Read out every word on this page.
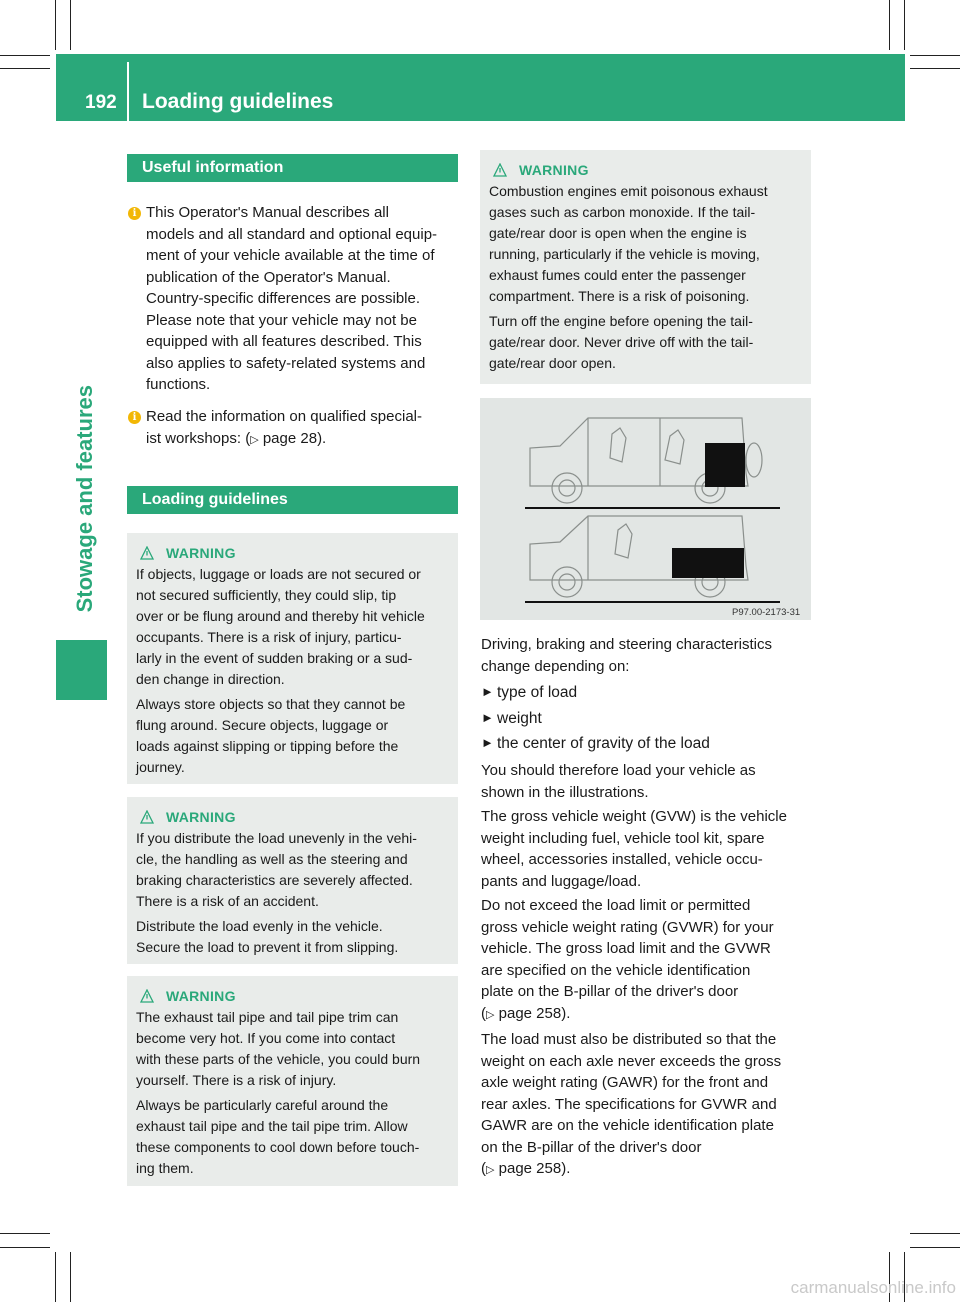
192 Loading guidelines
Stowage and features
Useful information
i This Operator's Manual describes all
models and all standard and optional equip-
ment of your vehicle available at the time of
publication of the Operator's Manual.
Country-specific differences are possible.
Please note that your vehicle may not be
equipped with all features described. This
also applies to safety-related systems and
functions.
i Read the information on qualified special-
ist workshops: (▷ page 28).
Loading guidelines
WARNING

If objects, luggage or loads are not secured or
not secured sufficiently, they could slip, tip
over or be flung around and thereby hit vehicle
occupants. There is a risk of injury, particu-
larly in the event of sudden braking or a sud-
den change in direction.

Always store objects so that they cannot be
flung around. Secure objects, luggage or
loads against slipping or tipping before the
journey.

WARNING

If you distribute the load unevenly in the vehi-
cle, the handling as well as the steering and
braking characteristics are severely affected.
There is a risk of an accident.

Distribute the load evenly in the vehicle.
Secure the load to prevent it from slipping.

WARNING

The exhaust tail pipe and tail pipe trim can
become very hot. If you come into contact
with these parts of the vehicle, you could burn
yourself. There is a risk of injury.

Always be particularly careful around the
exhaust tail pipe and the tail pipe trim. Allow
these components to cool down before touch-
ing them.

WARNING

Combustion engines emit poisonous exhaust
gases such as carbon monoxide. If the tail-
gate/rear door is open when the engine is
running, particularly if the vehicle is moving,
exhaust fumes could enter the passenger
compartment. There is a risk of poisoning.

Turn off the engine before opening the tail-
gate/rear door. Never drive off with the tail-
gate/rear door open.

P97.00-2173-31
Driving, braking and steering characteristics
change depending on:
► type of load
► weight
► the center of gravity of the load
You should therefore load your vehicle as
shown in the illustrations.
The gross vehicle weight (GVW) is the vehicle
weight including fuel, vehicle tool kit, spare
wheel, accessories installed, vehicle occu-
pants and luggage/load.
Do not exceed the load limit or permitted
gross vehicle weight rating (GVWR) for your
vehicle. The gross load limit and the GVWR
are specified on the vehicle identification
plate on the B-pillar of the driver's door
(▷ page 258).
The load must also be distributed so that the
weight on each axle never exceeds the gross
axle weight rating (GAWR) for the front and
rear axles. The specifications for GVWR and
GAWR are on the vehicle identification plate
on the B-pillar of the driver's door
(▷ page 258).
carmanualsonline.info
